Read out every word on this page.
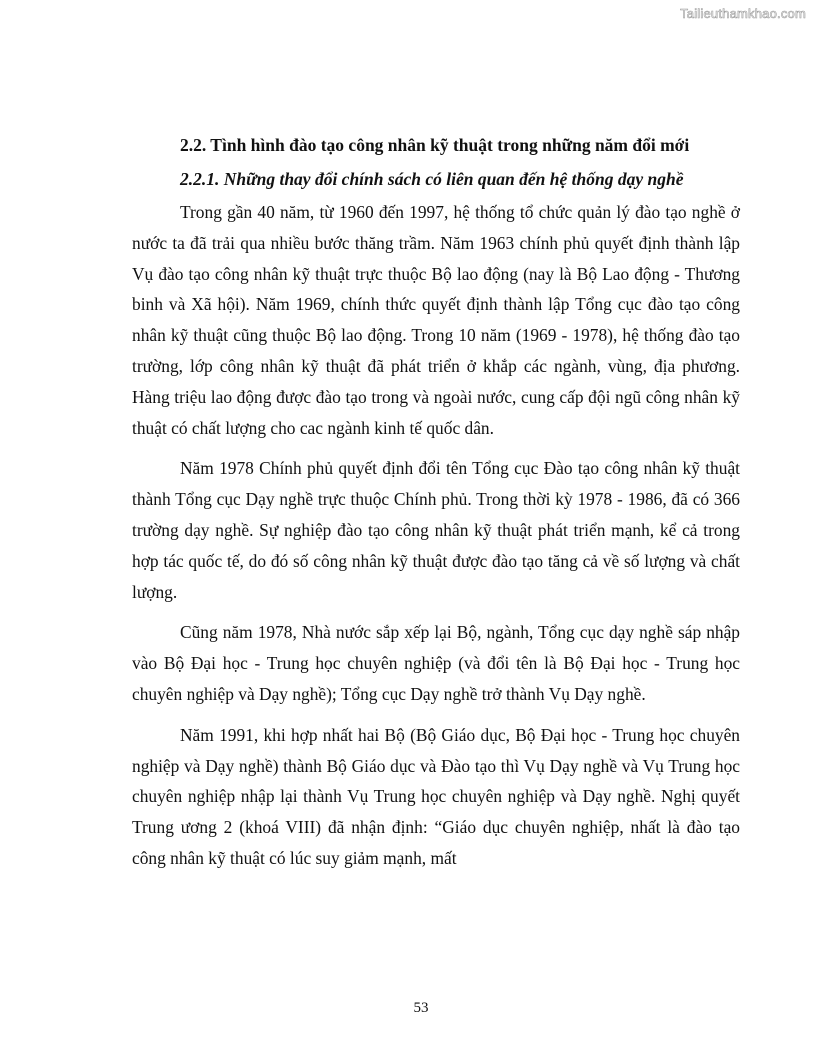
Tailieuthamkhao.com
2.2. Tình hình đào tạo công nhân kỹ thuật trong những năm đổi mới
2.2.1. Những thay đổi chính sách có liên quan đến hệ thống dạy nghề

Trong gần 40 năm, từ 1960 đến 1997, hệ thống tổ chức quản lý đào tạo nghề ở nước ta đã trải qua nhiều bước thăng trầm. Năm 1963 chính phủ quyết định thành lập Vụ đào tạo công nhân kỹ thuật trực thuộc Bộ lao động (nay là Bộ Lao động - Thương binh và Xã hội). Năm 1969, chính thức quyết định thành lập Tổng cục đào tạo công nhân kỹ thuật cũng thuộc Bộ lao động. Trong 10 năm (1969 - 1978), hệ thống đào tạo trường, lớp công nhân kỹ thuật đã phát triển ở khắp các ngành, vùng, địa phương. Hàng triệu lao động được đào tạo trong và ngoài nước, cung cấp đội ngũ công nhân kỹ thuật có chất lượng cho cac ngành kinh tế quốc dân.

Năm 1978 Chính phủ quyết định đổi tên Tổng cục Đào tạo công nhân kỹ thuật thành Tổng cục Dạy nghề trực thuộc Chính phủ. Trong thời kỳ 1978 - 1986, đã có 366 trường dạy nghề. Sự nghiệp đào tạo công nhân kỹ thuật phát triển mạnh, kể cả trong hợp tác quốc tế, do đó số công nhân kỹ thuật được đào tạo tăng cả về số lượng và chất lượng.

Cũng năm 1978, Nhà nước sắp xếp lại Bộ, ngành, Tổng cục dạy nghề sáp nhập vào Bộ Đại học - Trung học chuyên nghiệp (và đổi tên là Bộ Đại học - Trung học chuyên nghiệp và Dạy nghề); Tổng cục Dạy nghề trở thành Vụ Dạy nghề.

Năm 1991, khi hợp nhất hai Bộ (Bộ Giáo dục, Bộ Đại học - Trung học chuyên nghiệp và Dạy nghề) thành Bộ Giáo dục và Đào tạo thì Vụ Dạy nghề và Vụ Trung học chuyên nghiệp nhập lại thành Vụ Trung học chuyên nghiệp và Dạy nghề. Nghị quyết Trung ương 2 (khoá VIII) đã nhận định: “Giáo dục chuyên nghiệp, nhất là đào tạo công nhân kỹ thuật có lúc suy giảm mạnh, mất

53
